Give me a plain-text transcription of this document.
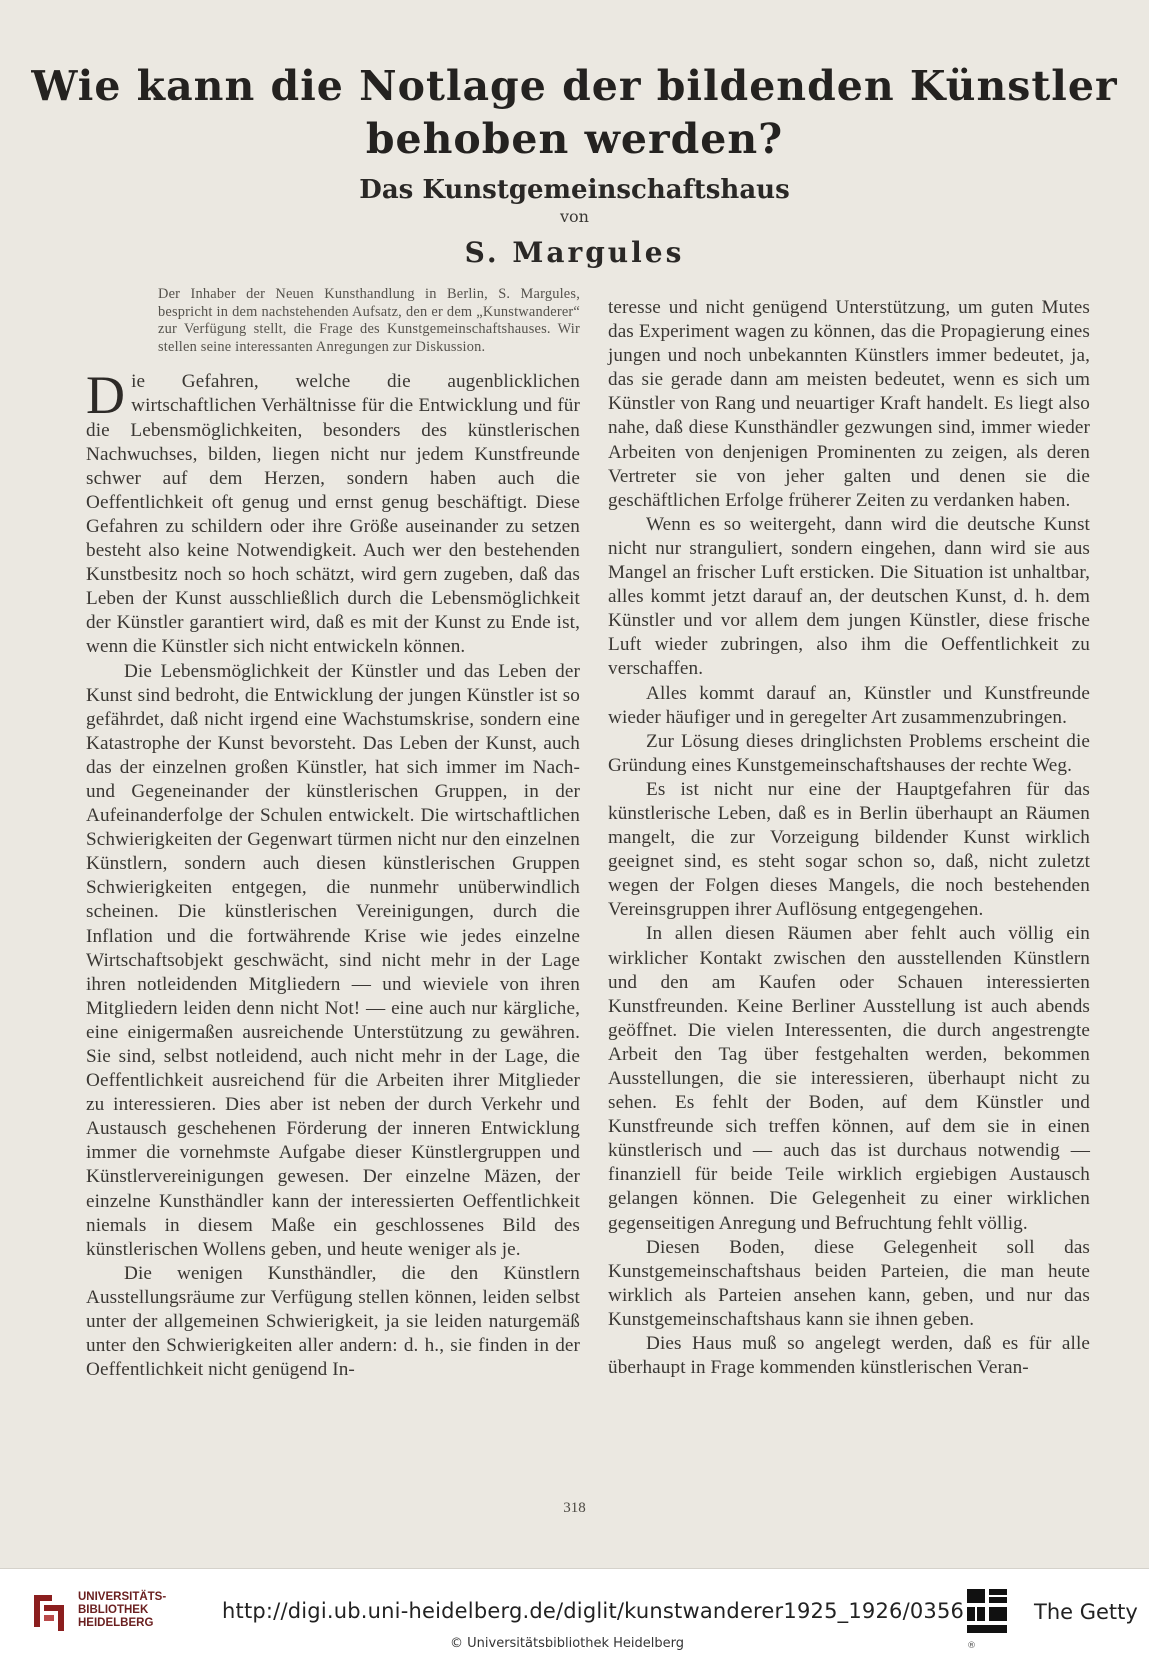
Wie kann die Notlage der bildenden Künstler
behoben werden?
Das Kunstgemeinschaftshaus
von
S. Margules

Der Inhaber der Neuen Kunsthandlung in Berlin, S. Margules, bespricht in dem nachstehenden Aufsatz, den er dem „Kunstwanderer“ zur Verfügung stellt, die Frage des Kunstgemeinschaftshauses. Wir stellen seine interessanten Anregungen zur Diskussion.

Die Gefahren, welche die augenblicklichen wirtschaftlichen Verhältnisse für die Entwicklung und für die Lebensmöglichkeiten, besonders des künstlerischen Nachwuchses, bilden, liegen nicht nur jedem Kunstfreunde schwer auf dem Herzen, sondern haben auch die Oeffentlichkeit oft genug und ernst genug beschäftigt. Diese Gefahren zu schildern oder ihre Größe auseinander zu setzen besteht also keine Notwendigkeit. Auch wer den bestehenden Kunstbesitz noch so hoch schätzt, wird gern zugeben, daß das Leben der Kunst ausschließlich durch die Lebensmöglichkeit der Künstler garantiert wird, daß es mit der Kunst zu Ende ist, wenn die Künstler sich nicht entwickeln können.

Die Lebensmöglichkeit der Künstler und das Leben der Kunst sind bedroht, die Entwicklung der jungen Künstler ist so gefährdet, daß nicht irgend eine Wachstumskrise, sondern eine Katastrophe der Kunst bevorsteht. Das Leben der Kunst, auch das der einzelnen großen Künstler, hat sich immer im Nach- und Gegeneinander der künstlerischen Gruppen, in der Aufeinanderfolge der Schulen entwickelt. Die wirtschaftlichen Schwierigkeiten der Gegenwart türmen nicht nur den einzelnen Künstlern, sondern auch diesen künstlerischen Gruppen Schwierigkeiten entgegen, die nunmehr unüberwindlich scheinen. Die künstlerischen Vereinigungen, durch die Inflation und die fortwährende Krise wie jedes einzelne Wirtschaftsobjekt geschwächt, sind nicht mehr in der Lage ihren notleidenden Mitgliedern — und wieviele von ihren Mitgliedern leiden denn nicht Not! — eine auch nur kärgliche, eine einigermaßen ausreichende Unterstützung zu gewähren. Sie sind, selbst notleidend, auch nicht mehr in der Lage, die Oeffentlichkeit ausreichend für die Arbeiten ihrer Mitglieder zu interessieren. Dies aber ist neben der durch Verkehr und Austausch geschehenen Förderung der inneren Entwicklung immer die vornehmste Aufgabe dieser Künstlergruppen und Künstlervereinigungen gewesen. Der einzelne Mäzen, der einzelne Kunsthändler kann der interessierten Oeffentlichkeit niemals in diesem Maße ein geschlossenes Bild des künstlerischen Wollens geben, und heute weniger als je.

Die wenigen Kunsthändler, die den Künstlern Ausstellungsräume zur Verfügung stellen können, leiden selbst unter der allgemeinen Schwierigkeit, ja sie leiden naturgemäß unter den Schwierigkeiten aller andern: d. h., sie finden in der Oeffentlichkeit nicht genügend In-

teresse und nicht genügend Unterstützung, um guten Mutes das Experiment wagen zu können, das die Propagierung eines jungen und noch unbekannten Künstlers immer bedeutet, ja, das sie gerade dann am meisten bedeutet, wenn es sich um Künstler von Rang und neuartiger Kraft handelt. Es liegt also nahe, daß diese Kunsthändler gezwungen sind, immer wieder Arbeiten von denjenigen Prominenten zu zeigen, als deren Vertreter sie von jeher galten und denen sie die geschäftlichen Erfolge früherer Zeiten zu verdanken haben.

Wenn es so weitergeht, dann wird die deutsche Kunst nicht nur stranguliert, sondern eingehen, dann wird sie aus Mangel an frischer Luft ersticken. Die Situation ist unhaltbar, alles kommt jetzt darauf an, der deutschen Kunst, d. h. dem Künstler und vor allem dem jungen Künstler, diese frische Luft wieder zubringen, also ihm die Oeffentlichkeit zu verschaffen.

Alles kommt darauf an, Künstler und Kunstfreunde wieder häufiger und in geregelter Art zusammenzubringen.

Zur Lösung dieses dringlichsten Problems erscheint die Gründung eines Kunstgemeinschaftshauses der rechte Weg.

Es ist nicht nur eine der Hauptgefahren für das künstlerische Leben, daß es in Berlin überhaupt an Räumen mangelt, die zur Vorzeigung bildender Kunst wirklich geeignet sind, es steht sogar schon so, daß, nicht zuletzt wegen der Folgen dieses Mangels, die noch bestehenden Vereinsgruppen ihrer Auflösung entgegengehen.

In allen diesen Räumen aber fehlt auch völlig ein wirklicher Kontakt zwischen den ausstellenden Künstlern und den am Kaufen oder Schauen interessierten Kunstfreunden. Keine Berliner Ausstellung ist auch abends geöffnet. Die vielen Interessenten, die durch angestrengte Arbeit den Tag über festgehalten werden, bekommen Ausstellungen, die sie interessieren, überhaupt nicht zu sehen. Es fehlt der Boden, auf dem Künstler und Kunstfreunde sich treffen können, auf dem sie in einen künstlerisch und — auch das ist durchaus notwendig — finanziell für beide Teile wirklich ergiebigen Austausch gelangen können. Die Gelegenheit zu einer wirklichen gegenseitigen Anregung und Befruchtung fehlt völlig.

Diesen Boden, diese Gelegenheit soll das Kunstgemeinschaftshaus beiden Parteien, die man heute wirklich als Parteien ansehen kann, geben, und nur das Kunstgemeinschaftshaus kann sie ihnen geben.

Dies Haus muß so angelegt werden, daß es für alle überhaupt in Frage kommenden künstlerischen Veran-

318
UNIVERSITÄTS-
BIBLIOTHEK
HEIDELBERG	http://digi.ub.uni-heidelberg.de/diglit/kunstwanderer1925_1926/0356
© Universitätsbibliothek Heidelberg	®
The Getty
